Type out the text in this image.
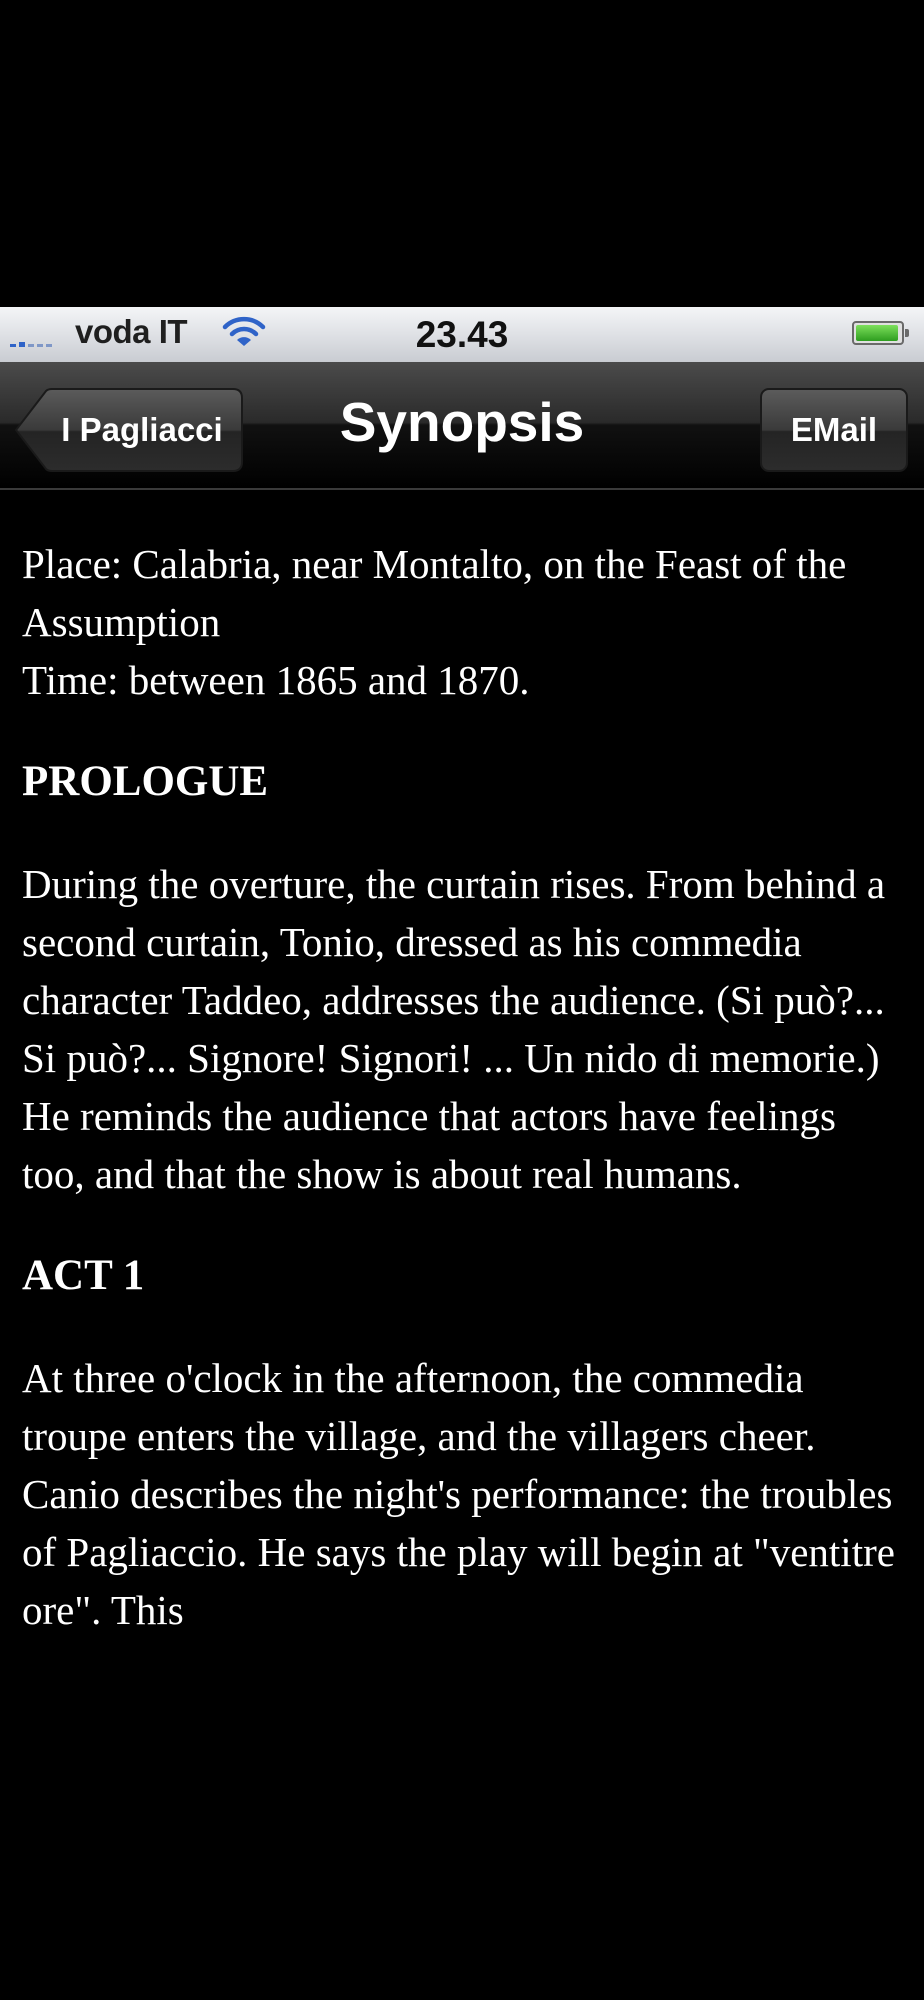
voda IT	23.43
I Pagliacci	Synopsis	EMail

Place: Calabria, near Montalto, on the Feast of the Assumption
Time: between 1865 and 1870.

PROLOGUE

During the overture, the curtain rises. From behind a second curtain, Tonio, dressed as his commedia character Taddeo, addresses the audience. (Si può?... Si può?... Signore! Signori! ... Un nido di memorie.) He reminds the audience that actors have feelings too, and that the show is about real humans.

ACT 1

At three o'clock in the afternoon, the commedia troupe enters the village, and the villagers cheer. Canio describes the night's performance: the troubles of Pagliaccio. He says the play will begin at "ventitre ore". This
